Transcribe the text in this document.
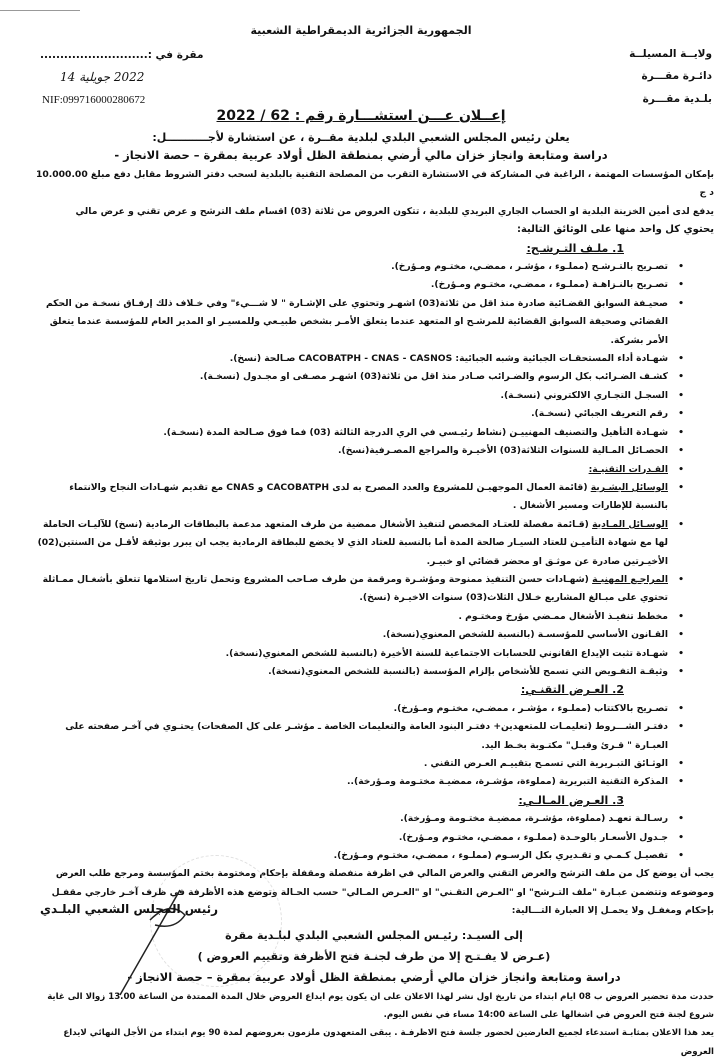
الجمهورية الجزائرية الديمقراطية الشعبية
ولايــة المسيلــة
دائـرة مقـــرة
بلـدية مقـــرة
مقرة في :...........................
2022 جويلية 14
NIF:099716000280672
إعــلان عـــن استشـــارة رقم : 62 / 2022
يعلن رئيس المجلس الشعبي البلدي لبلدية مقــرة ، عن استشارة لأجـــــــــــل:
دراسة ومتابعة وانجاز خزان مالي أرضي بمنطقة الظل أولاد عربية بمقرة – حصة الانجاز -

بإمكان المؤسسات المهتمة ، الراغبة في المشاركة في الاستشارة التقرب من المصلحة التقنية بالبلدية لسحب دفتر الشروط مقابل دفع مبلغ 10.000.00 د ج

يدفع لدى أمين الخزينة البلدية او الحساب الجاري البريدي للبلدية ، تتكون العروض من ثلاثة (03) اقسام ملف الترشح و عرض تقني و عرض مالي

يحتوي كل واحد منها على الوثائق التالية:

1. ملـف التـرشـح:

• تصـريح بالتـرشـح (مملـوء ، مؤشـر ، ممضـي، مختـوم ومـؤرخ).
• تصـريح بالنـزاهـة (مملـوء ، ممضـي، مختـوم ومـؤرخ).
• صحيـفة السوابق القضـائية صادرة منذ اقل من ثلاثة(03) اشهـر وتحتوي على الإشـارة " لا شـــيء" وفي خـلاف ذلك إرفـاق نسخـة من الحكم القضائي وصحيفة السوابق القضائية للمرشـح او المتعهد عندما يتعلق الأمـر بشخص طبيـعي وللمسيـر او المدير العام للمؤسسة عندما يتعلق الأمر بشركة.
• شهـادة أداء المستحقـات الجبائية وشبه الجبائية: CACOBATPH - CNAS - CASNOS صـالحة (نسخ).
• كشـف الضـرائب بكل الرسوم والضـرائب صـادر منذ اقل من ثلاثة(03) اشهـر مصـفى او مجـدول (نسخـة).
• السجـل التجـاري الالكتروني (نسخـة).
• رقم التعريف الجبائي (نسخـة).
• شهـادة التأهيل والتصنيف المهنييـن (نشاط رئيـسي في الري الدرجة الثالثة (03) فما فوق صـالحة المدة (نسخـة).
• الحصـائل المـالية للسنوات الثلاثة(03) الأخيـرة والمراجع المصـرفية(نسخ).
• القـدرات التقنيـة:
• الوسائل البشـرية (قائمة العمال الموجهيـن للمشروع والعدد المصرح به لدى CACOBATPH و CNAS مع تقديم شهـادات النجاح والانتماء بالنسبة للإطارات ومسير الأشغال .
• الوسـائل المـادية (قـائمة مفصلة للعتـاد المخصص لتنفيذ الأشغال ممضية من طرف المتعهد مدعمة بالبطاقات الرمادية (نسخ) للآليـات الحاملة لها مع شهادة التأميـن للعتاد السيـار صالحة المدة أما بالنسبة للعتاد الذي لا يخضع للبطاقة الرمادية يجب ان يبرر بوثيقة لأقـل من السنتين(02) الأخيـرتين صادرة عن موثـق او محضر قضائي او خبيـر.
• المراجـع المهنيـة (شهـادات حسن التنفيذ ممنوحة ومؤشـرة ومرقمة من طرف صـاحب المشروع وتحمل تاريخ استلامها تتعلق بأشغـال ممـاثلة تحتوي على مبـالغ المشاريع خـلال الثلاث(03) سنوات الاخيـرة (نسخ).
• مخطط تنفيـذ الأشغال ممـضي مؤرخ ومختـوم .
• القـانون الأساسي للمؤسسـة (بالنسبة للشخص المعنوي(نسخة).
• شهـادة تثبت الإيداع القانوني للحسابات الاجتماعية للسنة الأخيرة (بالنسبة للشخص المعنوي(نسخة).
• وثيقـة التفـويض التي تسمح للأشخاص بإلزام المؤسسة (بالنسبة للشخص المعنوي(نسخة).

2. العـرض التقنـي:

• تصـريح بالاكتتاب (مملـوء ، مؤشـر ، ممضـي، مختـوم ومـؤرخ).
• دفتـر الشـــروط (تعليمـات للمتعهدين+ دفتـر البنود العامة والتعليمات الخاصة ـ مؤشـر على كل الصفحات) يحتـوي في آخـر صفحته على العبـارة " قـرئ وقبـل" مكتـوبة بخـط اليد.
• الوثـائق التبـريرية التي تسمـح بتقييـم العـرض التقني .
• المذكرة التقنية التبريرية (مملوءة، مؤشـرة، ممضيـة مختـومة ومـؤرخة)..

3. العـرض المـالـي:

• رسـالـة تعهـد (مملوءة، مؤشـرة، ممضيـة مختـومة ومـؤرخة).
• جـدول الأسعـار بالوحـدة (مملـوء ، ممضـي، مختـوم ومـؤرخ).
• تفصيـل كـمـي و تقـديري بكل الرسـوم (مملـوء ، ممضـي، مختـوم ومـؤرخ).

يجب أن يوضع كل من ملف الترشح والعرض التقني والعرض المالي في اظرفة منفصلة ومقفلة بإحكام ومختومة بختم المؤسسة ومرجع طلب العرض وموضوعه وتتضمن عبـارة "ملف التـرشح" او "العـرض التقـني" او "العـرض المـالي" حسب الحـالة وتوضع هذه الأظرفة في ظرف آخـر خارجي مقفـل بإحكام ومغفـل ولا يحمـل إلا العبارة التـــالية:

إلى السيـد: رئيـس المجلس الشعبي البلدي لبلـدية مقرة

(عـرض لا يفـتـح إلا من طرف لجنـة فتح الأظرفة وتقييم العروض )

دراسة ومتابعة وانجاز خزان مالي أرضي بمنطقة الظل أولاد عربية بمقرة – حصة الانجاز -

حددت مدة تحضير العروض ب 08 ايام ابتداء من تاريخ اول نشر لهذا الاعلان على ان يكون يوم ايداع العروض خلال المدة الممتدة من الساعة 13.00 زوالا الى غاية شروع لجنة فتح العروض في اشغالها على الساعة 14:00 مساء في نفس اليوم.

يعد هذا الاعلان بمثابـة استدعاء لجميع العارضين لحضور جلسة فتح الاظرفـة . يبقى المتعهدون ملزمون بعروضهم لمدة 90 يوم ابتداء من الأجل النهائي لايداع العروض

رئيس المجلس الشعبي البلـدي
